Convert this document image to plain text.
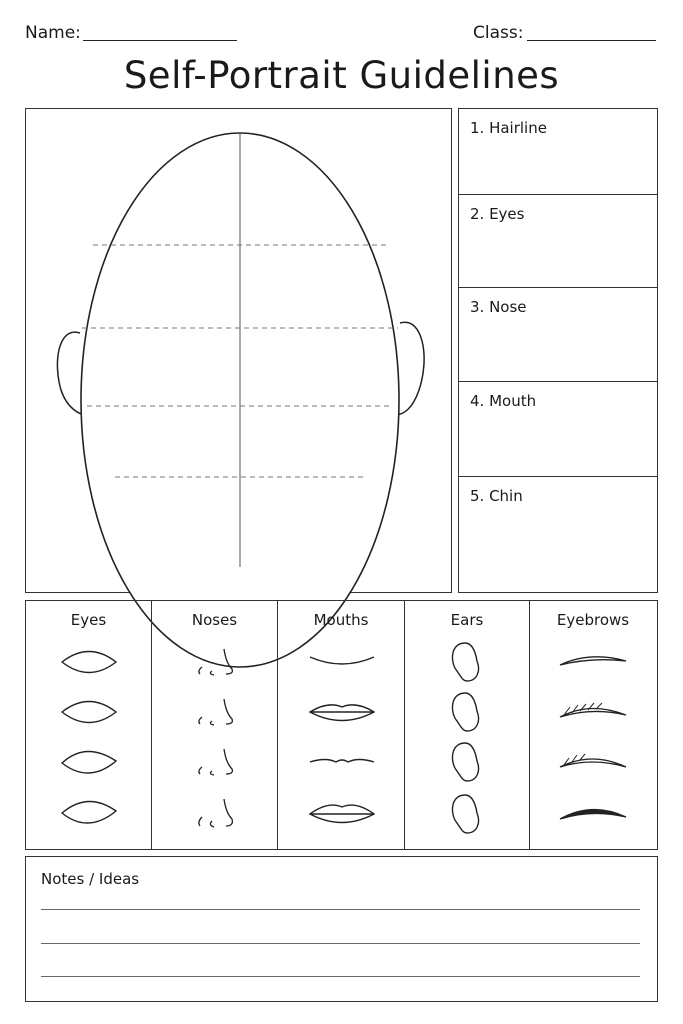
Name:	Class:
Self-Portrait Guidelines
1. Hairline
2. Eyes
3. Nose
4. Mouth
5. Chin
Eyes	Noses	Mouths	Ears	Eyebrows
Notes / Ideas
